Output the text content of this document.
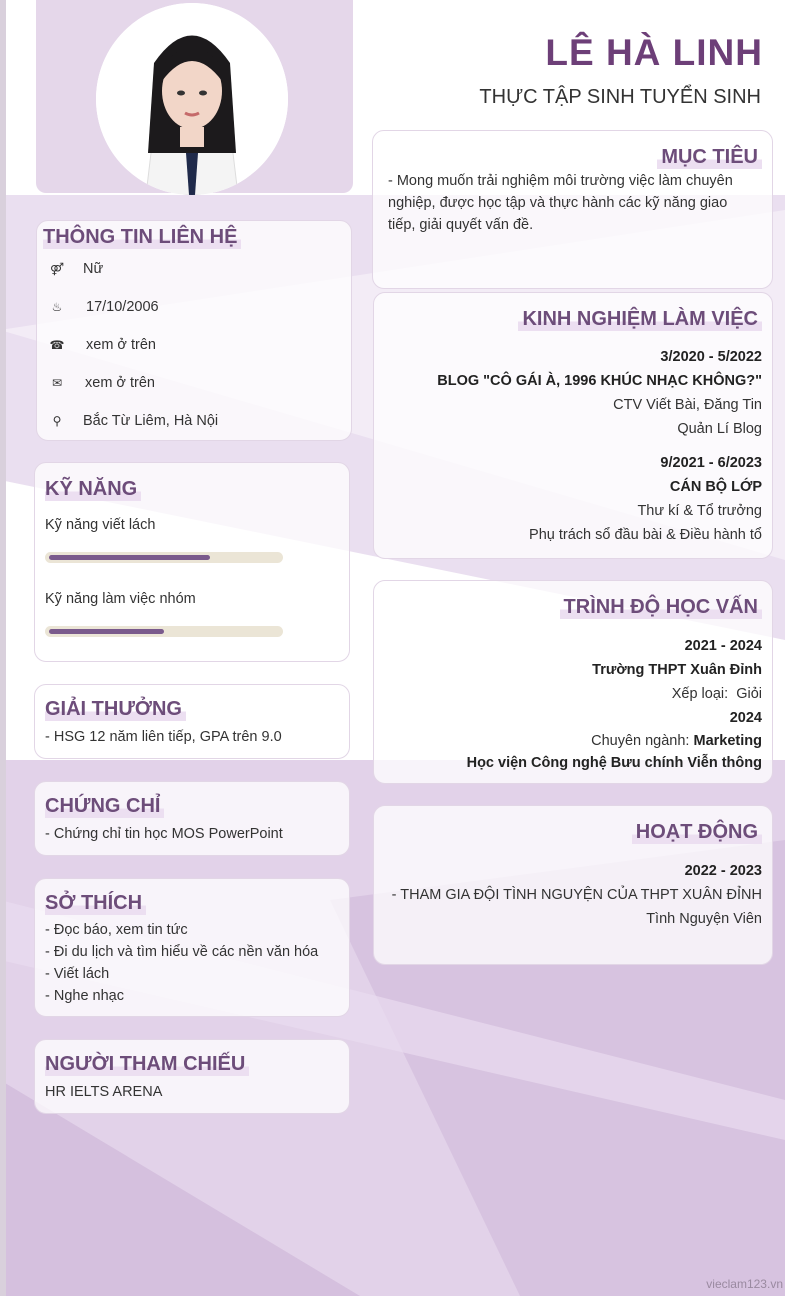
LÊ HÀ LINH
THỰC TẬP SINH TUYỂN SINH
THÔNG TIN LIÊN HỆ
⚤	Nữ
♨	17/10/2006
☎	xem ở trên
✉	xem ở trên
⚲	Bắc Từ Liêm, Hà Nội
KỸ NĂNG
Kỹ năng viết lách
Kỹ năng làm việc nhóm
GIẢI THƯỞNG
- HSG 12 năm liên tiếp, GPA trên 9.0
CHỨNG CHỈ
- Chứng chỉ tin học MOS PowerPoint
SỞ THÍCH
- Đọc báo, xem tin tức
- Đi du lịch và tìm hiểu về các nền văn hóa
- Viết lách
- Nghe nhạc
NGƯỜI THAM CHIẾU
HR IELTS ARENA
MỤC TIÊU
- Mong muốn trải nghiệm môi trường việc làm chuyên nghiệp, được học tập và thực hành các kỹ năng giao tiếp, giải quyết vấn đề.
KINH NGHIỆM LÀM VIỆC
3/2020 - 5/2022
BLOG "CÔ GÁI À, 1996 KHÚC NHẠC KHÔNG?"
CTV Viết Bài, Đăng Tin
Quản Lí Blog
9/2021 - 6/2023
CÁN BỘ LỚP
Thư kí & Tổ trưởng
Phụ trách sổ đầu bài & Điều hành tổ
TRÌNH ĐỘ HỌC VẤN
2021 - 2024
Trường THPT Xuân Đỉnh
Xếp loại: Giỏi
2024
Chuyên ngành: Marketing
Học viện Công nghệ Bưu chính Viễn thông
HOẠT ĐỘNG
2022 - 2023
- THAM GIA ĐỘI TÌNH NGUYỆN CỦA THPT XUÂN ĐỈNH
Tình Nguyện Viên
vieclam123.vn
